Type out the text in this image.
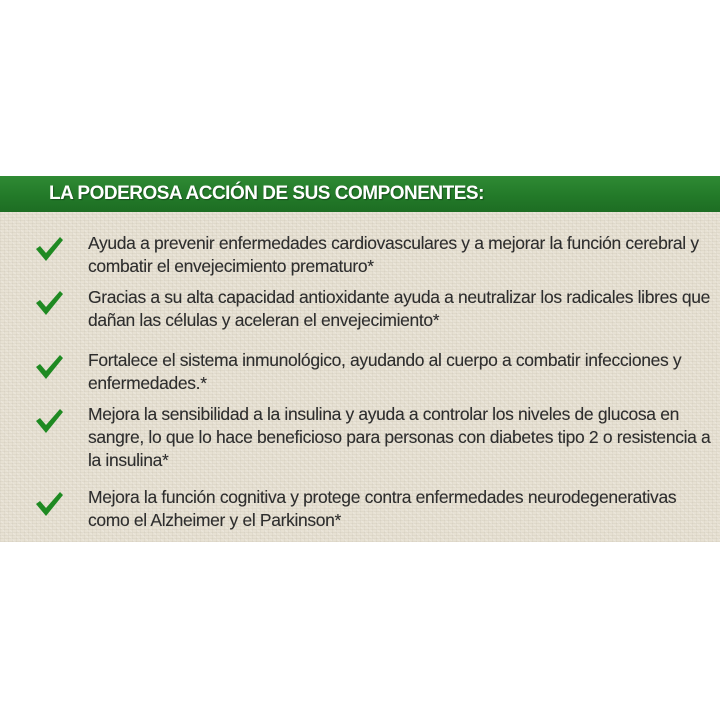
LA PODEROSA ACCIÓN DE SUS COMPONENTES:
Ayuda a prevenir enfermedades cardiovasculares y a mejorar la función cerebral y combatir el envejecimiento prematuro*
Gracias a su alta capacidad antioxidante ayuda a neutralizar los radicales libres que dañan las células y aceleran el envejecimiento*
Fortalece el sistema inmunológico, ayudando al cuerpo a combatir infecciones y enfermedades.*
Mejora la sensibilidad a la insulina y ayuda a controlar los niveles de glucosa en sangre, lo que lo hace beneficioso para personas con diabetes tipo 2 o resistencia a la insulina*
Mejora la función cognitiva y protege contra enfermedades neurodegenerativas como el Alzheimer y el Parkinson*
